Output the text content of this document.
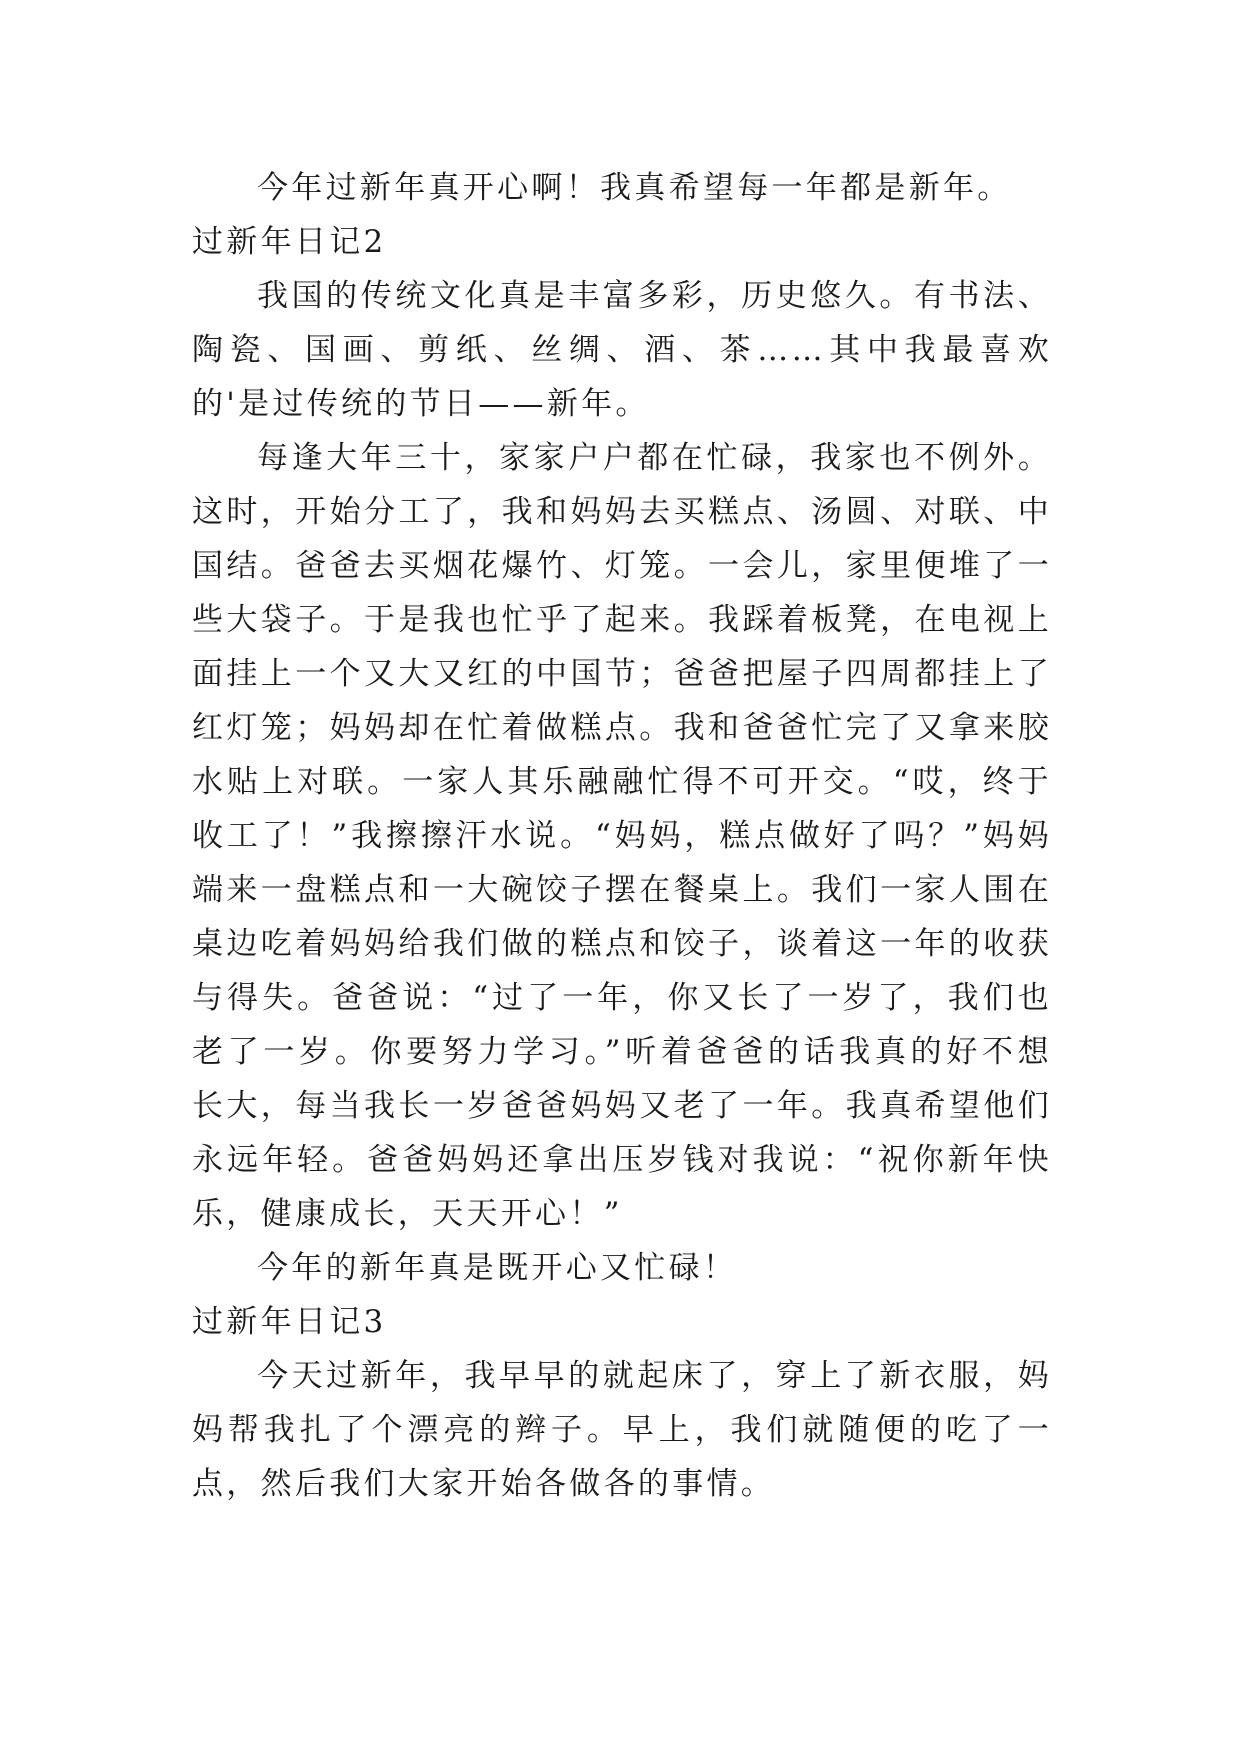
今年过新年真开心啊！我真希望每一年都是新年。

过新年日记2

我国的传统文化真是丰富多彩，历史悠久。有书法、陶瓷、国画、剪纸、丝绸、酒、茶……其中我最喜欢的'是过传统的节日——新年。

每逢大年三十，家家户户都在忙碌，我家也不例外。这时，开始分工了，我和妈妈去买糕点、汤圆、对联、中国结。爸爸去买烟花爆竹、灯笼。一会儿，家里便堆了一些大袋子。于是我也忙乎了起来。我踩着板凳，在电视上面挂上一个又大又红的中国节；爸爸把屋子四周都挂上了红灯笼；妈妈却在忙着做糕点。我和爸爸忙完了又拿来胶水贴上对联。一家人其乐融融忙得不可开交。“哎，终于收工了！”我擦擦汗水说。“妈妈，糕点做好了吗？”妈妈端来一盘糕点和一大碗饺子摆在餐桌上。我们一家人围在桌边吃着妈妈给我们做的糕点和饺子，谈着这一年的收获与得失。爸爸说：“过了一年，你又长了一岁了，我们也老了一岁。你要努力学习。”听着爸爸的话我真的好不想长大，每当我长一岁爸爸妈妈又老了一年。我真希望他们永远年轻。爸爸妈妈还拿出压岁钱对我说：“祝你新年快乐，健康成长，天天开心！”

今年的新年真是既开心又忙碌！

过新年日记3

今天过新年，我早早的就起床了，穿上了新衣服，妈妈帮我扎了个漂亮的辫子。早上，我们就随便的吃了一点，然后我们大家开始各做各的事情。
